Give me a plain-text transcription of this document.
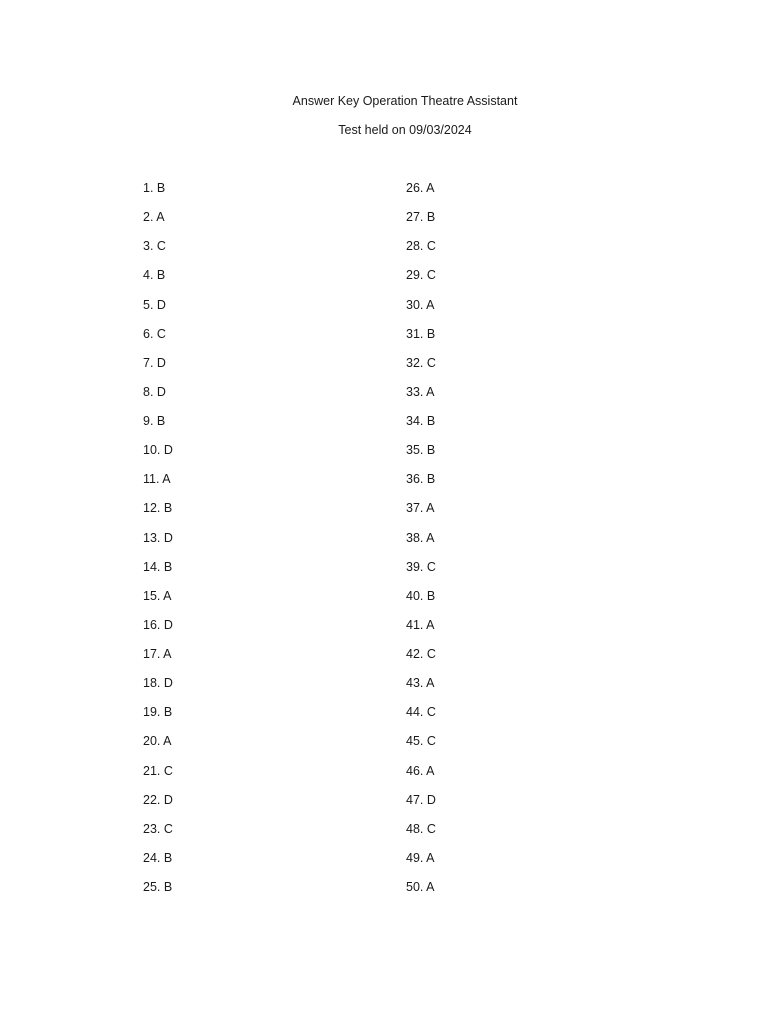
Answer Key Operation Theatre Assistant
Test held on 09/03/2024
1. B
2. A
3. C
4. B
5. D
6. C
7. D
8. D
9. B
10. D
11. A
12. B
13. D
14. B
15. A
16. D
17. A
18. D
19. B
20. A
21. C
22. D
23. C
24. B
25. B
26. A
27. B
28. C
29. C
30. A
31. B
32. C
33. A
34. B
35. B
36. B
37. A
38. A
39. C
40. B
41. A
42. C
43. A
44. C
45. C
46. A
47. D
48. C
49. A
50. A
